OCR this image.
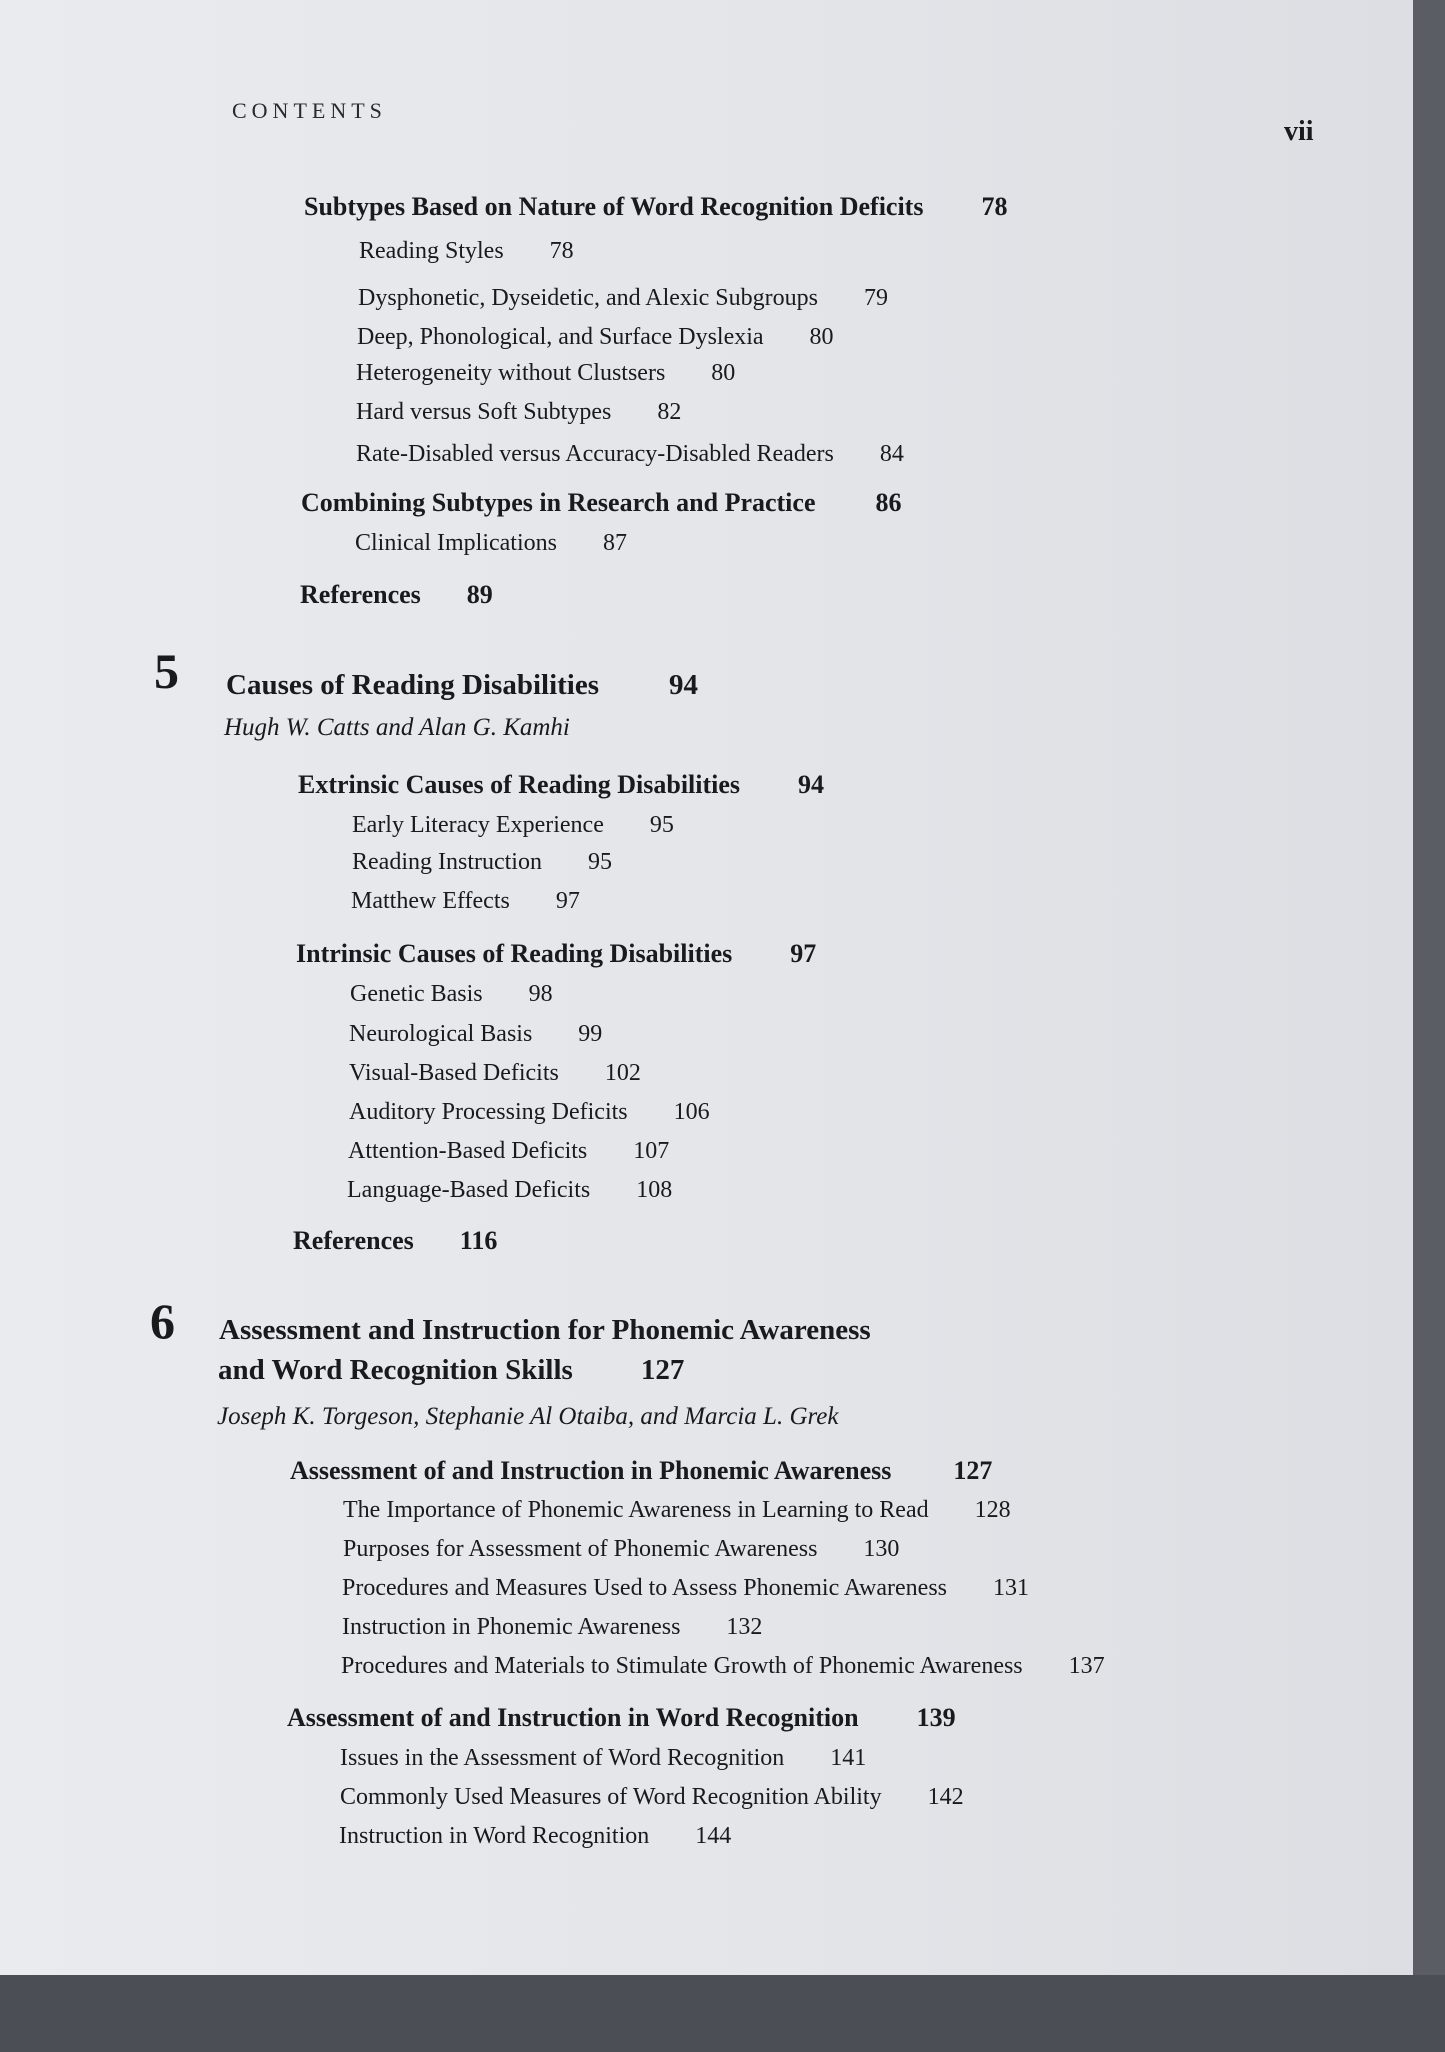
CONTENTS
vii
Subtypes Based on Nature of Word Recognition Deficits 78
Reading Styles 78
Dysphonetic, Dyseidetic, and Alexic Subgroups 79
Deep, Phonological, and Surface Dyslexia 80
Heterogeneity without Clustsers 80
Hard versus Soft Subtypes 82
Rate-Disabled versus Accuracy-Disabled Readers 84
Combining Subtypes in Research and Practice 86
Clinical Implications 87
References 89
5 Causes of Reading Disabilities 94
Hugh W. Catts and Alan G. Kamhi
Extrinsic Causes of Reading Disabilities 94
Early Literacy Experience 95
Reading Instruction 95
Matthew Effects 97
Intrinsic Causes of Reading Disabilities 97
Genetic Basis 98
Neurological Basis 99
Visual-Based Deficits 102
Auditory Processing Deficits 106
Attention-Based Deficits 107
Language-Based Deficits 108
References 116
6 Assessment and Instruction for Phonemic Awareness
and Word Recognition Skills 127
Joseph K. Torgeson, Stephanie Al Otaiba, and Marcia L. Grek
Assessment of and Instruction in Phonemic Awareness 127
The Importance of Phonemic Awareness in Learning to Read 128
Purposes for Assessment of Phonemic Awareness 130
Procedures and Measures Used to Assess Phonemic Awareness 131
Instruction in Phonemic Awareness 132
Procedures and Materials to Stimulate Growth of Phonemic Awareness 137
Assessment of and Instruction in Word Recognition 139
Issues in the Assessment of Word Recognition 141
Commonly Used Measures of Word Recognition Ability 142
Instruction in Word Recognition 144
